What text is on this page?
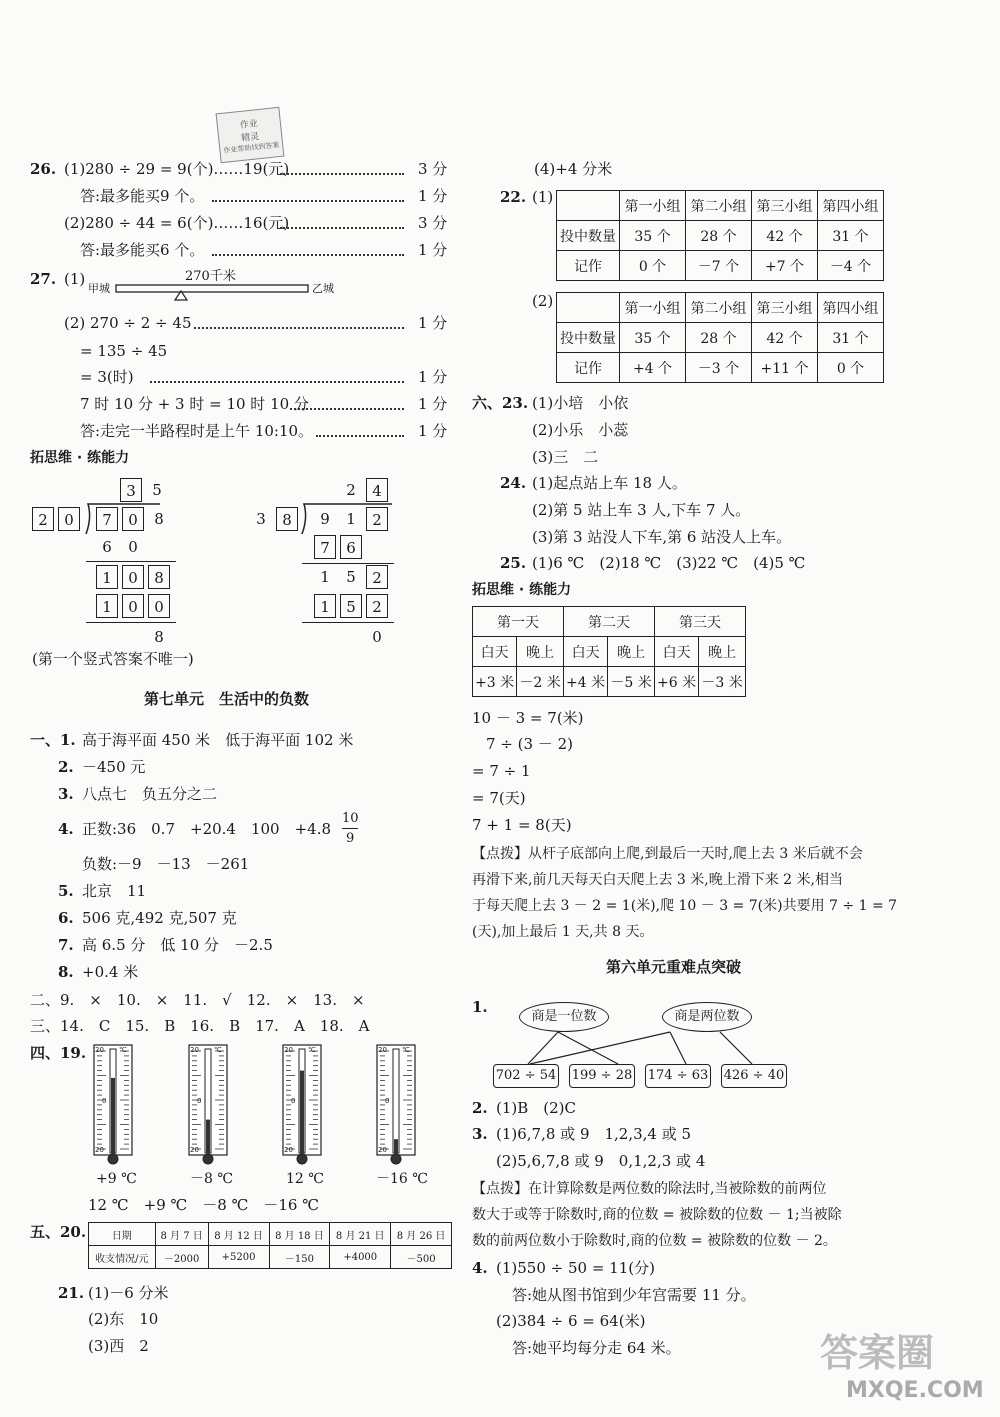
作业
精灵
作业帮助找到答案
26. (1)280 ÷ 29 = 9(个)……19(元)	3 分
答:最多能买9 个。	1 分
(2)280 ÷ 44 = 6(个)……16(元)	3 分
答:最多能买6 个。	1 分
27. (1)
甲城
270千米
乙城
(2) 270 ÷ 2 ÷ 45	1 分
= 135 ÷ 45
= 3(时)	1 分
7 时 10 分 + 3 时 = 10 时 10 分	1 分
答:走完一半路程时是上午 10:10。	1 分
拓思维 · 练能力
3	5
2	0	7	0	8
6	0
1	0	8
1	0	0
8
2	4
3	8	9	1	2
7	6
1	5	2
1	5	2
0
(第一个竖式答案不唯一)
第七单元　生活中的负数
一、1. 高于海平面 450 米　低于海平面 102 米
2. －450 元
3. 八点七　负五分之二
4. 正数:36　0.7　+20.4　100　+4.8
10
9
负数:－9　－13　－261
5. 北京　11
6. 506 克,492 克,507 克
7. 高 6.5 分　低 10 分　－2.5
8. +0.4 米
二、9.　×　10.　×　11.　√　12.　×　13.　×
三、14.　C　15.　B　16.　B　17.　A　18.　A
四、19. 20 ℃
0
20
20 ℃
0
20
20 ℃
0
20
20 ℃
0
20
+9 ℃	－8 ℃	12 ℃	－16 ℃
12 ℃　+9 ℃　－8 ℃　－16 ℃
五、20.	日期	8 月 7 日	8 月 12 日	8 月 18 日	8 月 21 日	8 月 26 日
收支情况/元	－2000	+5200	－150	+4000	－500
21. (1)－6 分米
(2)东　10
(3)西　2
(4)+4 分米
22. (1)
	第一小组	第二小组	第三小组	第四小组
投中数量	35 个	28 个	42 个	31 个
记作	0 个	－7 个	+7 个	－4 个
(2)
		第一小组	第二小组	第三小组	第四小组
投中数量	35 个	28 个	42 个	31 个
记作	+4 个	－3 个	+11 个	0 个
六、23. (1)小培　小依
(2)小乐　小蕊
(3)三　二
24. (1)起点站上车 18 人。
(2)第 5 站上车 3 人,下车 7 人。
(3)第 3 站没人下车,第 6 站没人上车。
25. (1)6 ℃　(2)18 ℃　(3)22 ℃　(4)5 ℃
拓思维 · 练能力
第一天		第二天		第三天	
白天	晚上	白天	晚上	白天	晚上
+3 米	－2 米	+4 米	－5 米	+6 米	－3 米
10 － 3 = 7(米)
7 ÷ (3 － 2)
= 7 ÷ 1
= 7(天)
7 + 1 = 8(天)
【点拨】从杆子底部向上爬,到最后一天时,爬上去 3 米后就不会
再滑下来,前几天每天白天爬上去 3 米,晚上滑下来 2 米,相当
于每天爬上去 3 － 2 = 1(米),爬 10 － 3 = 7(米)共要用 7 ÷ 1 = 7
(天),加上最后 1 天,共 8 天。
第六单元重难点突破
1.
商是一位数	商是两位数
702 ÷ 54 199 ÷ 28 174 ÷ 63 426 ÷ 40
2. (1)B　(2)C
3. (1)6,7,8 或 9　1,2,3,4 或 5
(2)5,6,7,8 或 9　0,1,2,3 或 4
【点拨】在计算除数是两位数的除法时,当被除数的前两位
数大于或等于除数时,商的位数 = 被除数的位数 － 1;当被除
数的前两位数小于除数时,商的位数 = 被除数的位数 － 2。
4. (1)550 ÷ 50 = 11(分)
答:她从图书馆到少年宫需要 11 分。
(2)384 ÷ 6 = 64(米)
答:她平均每分走 64 米。	答案圈
MXQE.COM
